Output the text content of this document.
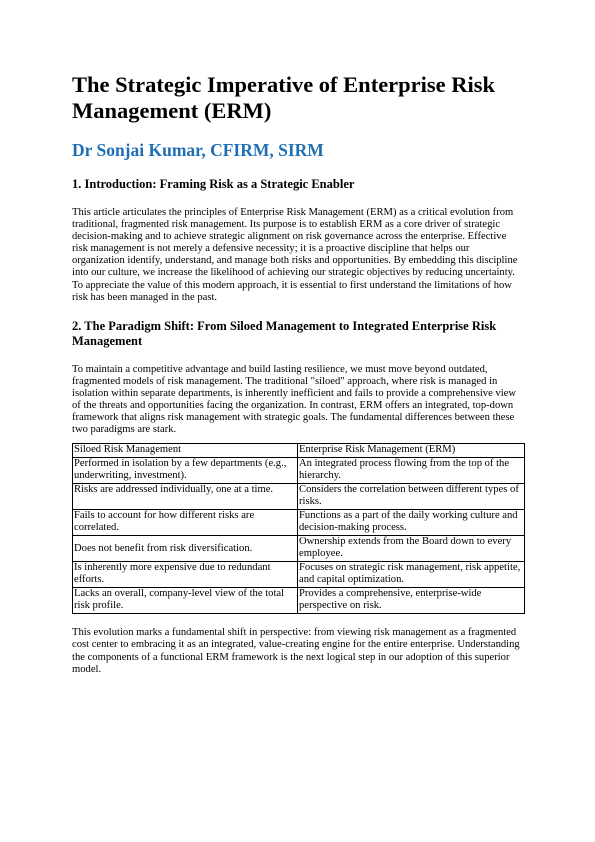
The Strategic Imperative of Enterprise Risk Management (ERM)
Dr Sonjai Kumar, CFIRM, SIRM
1. Introduction: Framing Risk as a Strategic Enabler

This article articulates the principles of Enterprise Risk Management (ERM) as a critical evolution from traditional, fragmented risk management. Its purpose is to establish ERM as a core driver of strategic decision-making and to achieve strategic alignment on risk governance across the enterprise. Effective risk management is not merely a defensive necessity; it is a proactive discipline that helps our organization identify, understand, and manage both risks and opportunities. By embedding this discipline into our culture, we increase the likelihood of achieving our strategic objectives by reducing uncertainty. To appreciate the value of this modern approach, it is essential to first understand the limitations of how risk has been managed in the past.

2. The Paradigm Shift: From Siloed Management to Integrated Enterprise Risk Management

To maintain a competitive advantage and build lasting resilience, we must move beyond outdated, fragmented models of risk management. The traditional "siloed" approach, where risk is managed in isolation within separate departments, is inherently inefficient and fails to provide a comprehensive view of the threats and opportunities facing the organization. In contrast, ERM offers an integrated, top-down framework that aligns risk management with strategic goals. The fundamental differences between these two paradigms are stark.

Siloed Risk Management	Enterprise Risk Management (ERM)
Performed in isolation by a few departments (e.g., underwriting, investment).	An integrated process flowing from the top of the hierarchy.
Risks are addressed individually, one at a time.	Considers the correlation between different types of risks.
Fails to account for how different risks are correlated.	Functions as a part of the daily working culture and decision-making process.
Does not benefit from risk diversification.	Ownership extends from the Board down to every employee.
Is inherently more expensive due to redundant efforts.	Focuses on strategic risk management, risk appetite, and capital optimization.
Lacks an overall, company-level view of the total risk profile.	Provides a comprehensive, enterprise-wide perspective on risk.

This evolution marks a fundamental shift in perspective: from viewing risk management as a fragmented cost center to embracing it as an integrated, value-creating engine for the entire enterprise. Understanding the components of a functional ERM framework is the next logical step in our adoption of this superior model.
